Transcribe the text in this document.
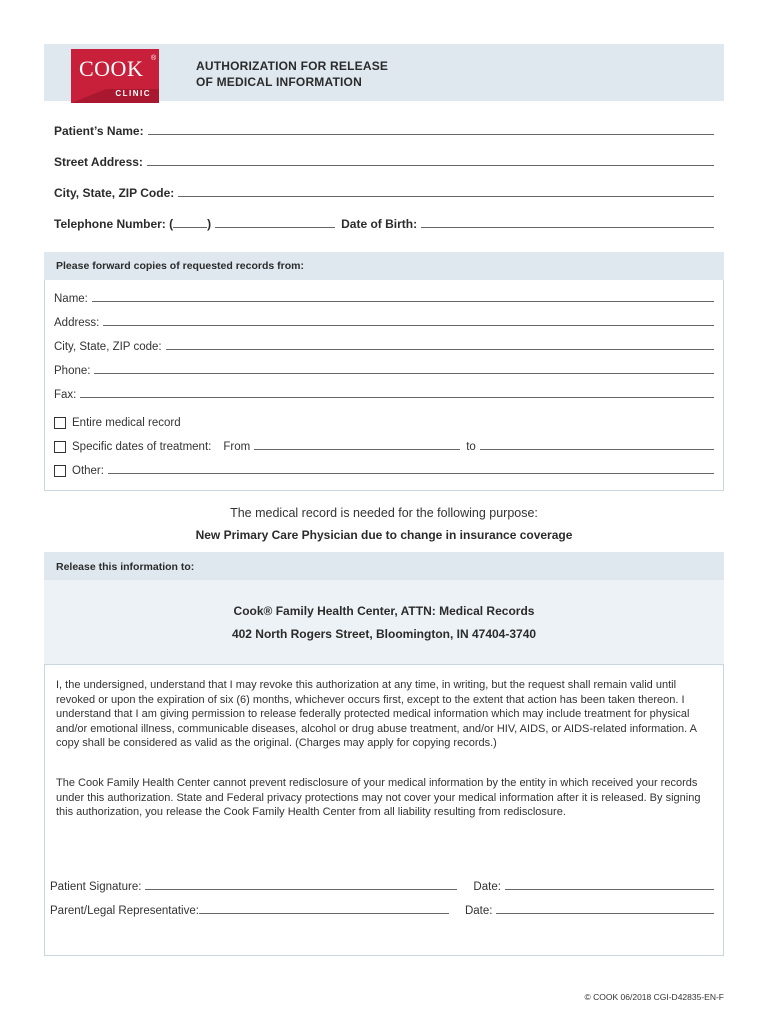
COOK ®
CLINIC
AUTHORIZATION FOR RELEASE
OF MEDICAL INFORMATION
Patient’s Name:
Street Address:
City, State, ZIP Code:
Telephone Number: (	)	Date of Birth:
Please forward copies of requested records from:
Name:
Address:
City, State, ZIP code:
Phone:
Fax:
Entire medical record
Specific dates of treatment:	From	to
Other:
The medical record is needed for the following purpose:
New Primary Care Physician due to change in insurance coverage
Release this information to:
Cook® Family Health Center, ATTN: Medical Records
402 North Rogers Street, Bloomington, IN 47404-3740
I, the undersigned, understand that I may revoke this authorization at any time, in writing, but the request shall remain valid until revoked or upon the expiration of six (6) months, whichever occurs first, except to the extent that action has been taken thereon. I understand that I am giving permission to release federally protected medical information which may include treatment for physical and/or emotional illness, communicable diseases, alcohol or drug abuse treatment, and/or HIV, AIDS, or AIDS-related information. A copy shall be considered as valid as the original. (Charges may apply for copying records.)
The Cook Family Health Center cannot prevent redisclosure of your medical information by the entity in which received your records under this authorization. State and Federal privacy protections may not cover your medical information after it is released. By signing this authorization, you release the Cook Family Health Center from all liability resulting from redisclosure.
Patient Signature:	Date:
Parent/Legal Representative:	Date:
© COOK 06/2018 CGI-D42835-EN-F
